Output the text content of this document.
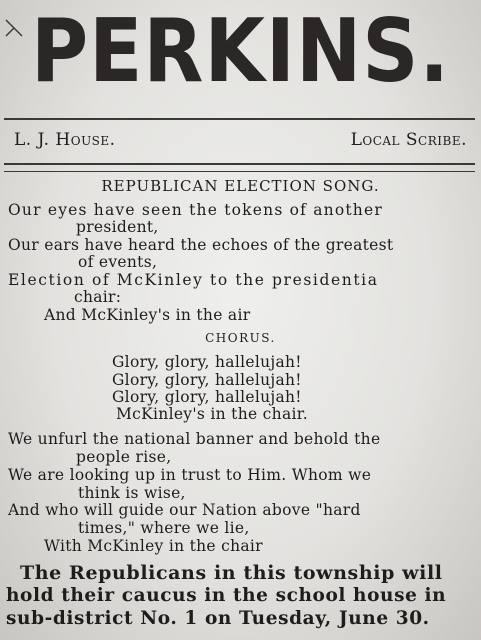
PERKINS.
L. J. House.	Local Scribe.
REPUBLICAN ELECTION SONG.
Our eyes have seen the tokens of another
president,
Our ears have heard the echoes of the greatest
of events,
Election of McKinley to the presidentia
chair:
And McKinley's in the air
CHORUS.
Glory, glory, hallelujah!
Glory, glory, hallelujah!
Glory, glory, hallelujah!
McKinley's in the chair.
We unfurl the national banner and behold the
people rise,
We are looking up in trust to Him. Whom we
think is wise,
And who will guide our Nation above "hard
times," where we lie,
With McKinley in the chair
The Republicans in this township will
hold their caucus in the school house in
sub-district No. 1 on Tuesday, June 30.
